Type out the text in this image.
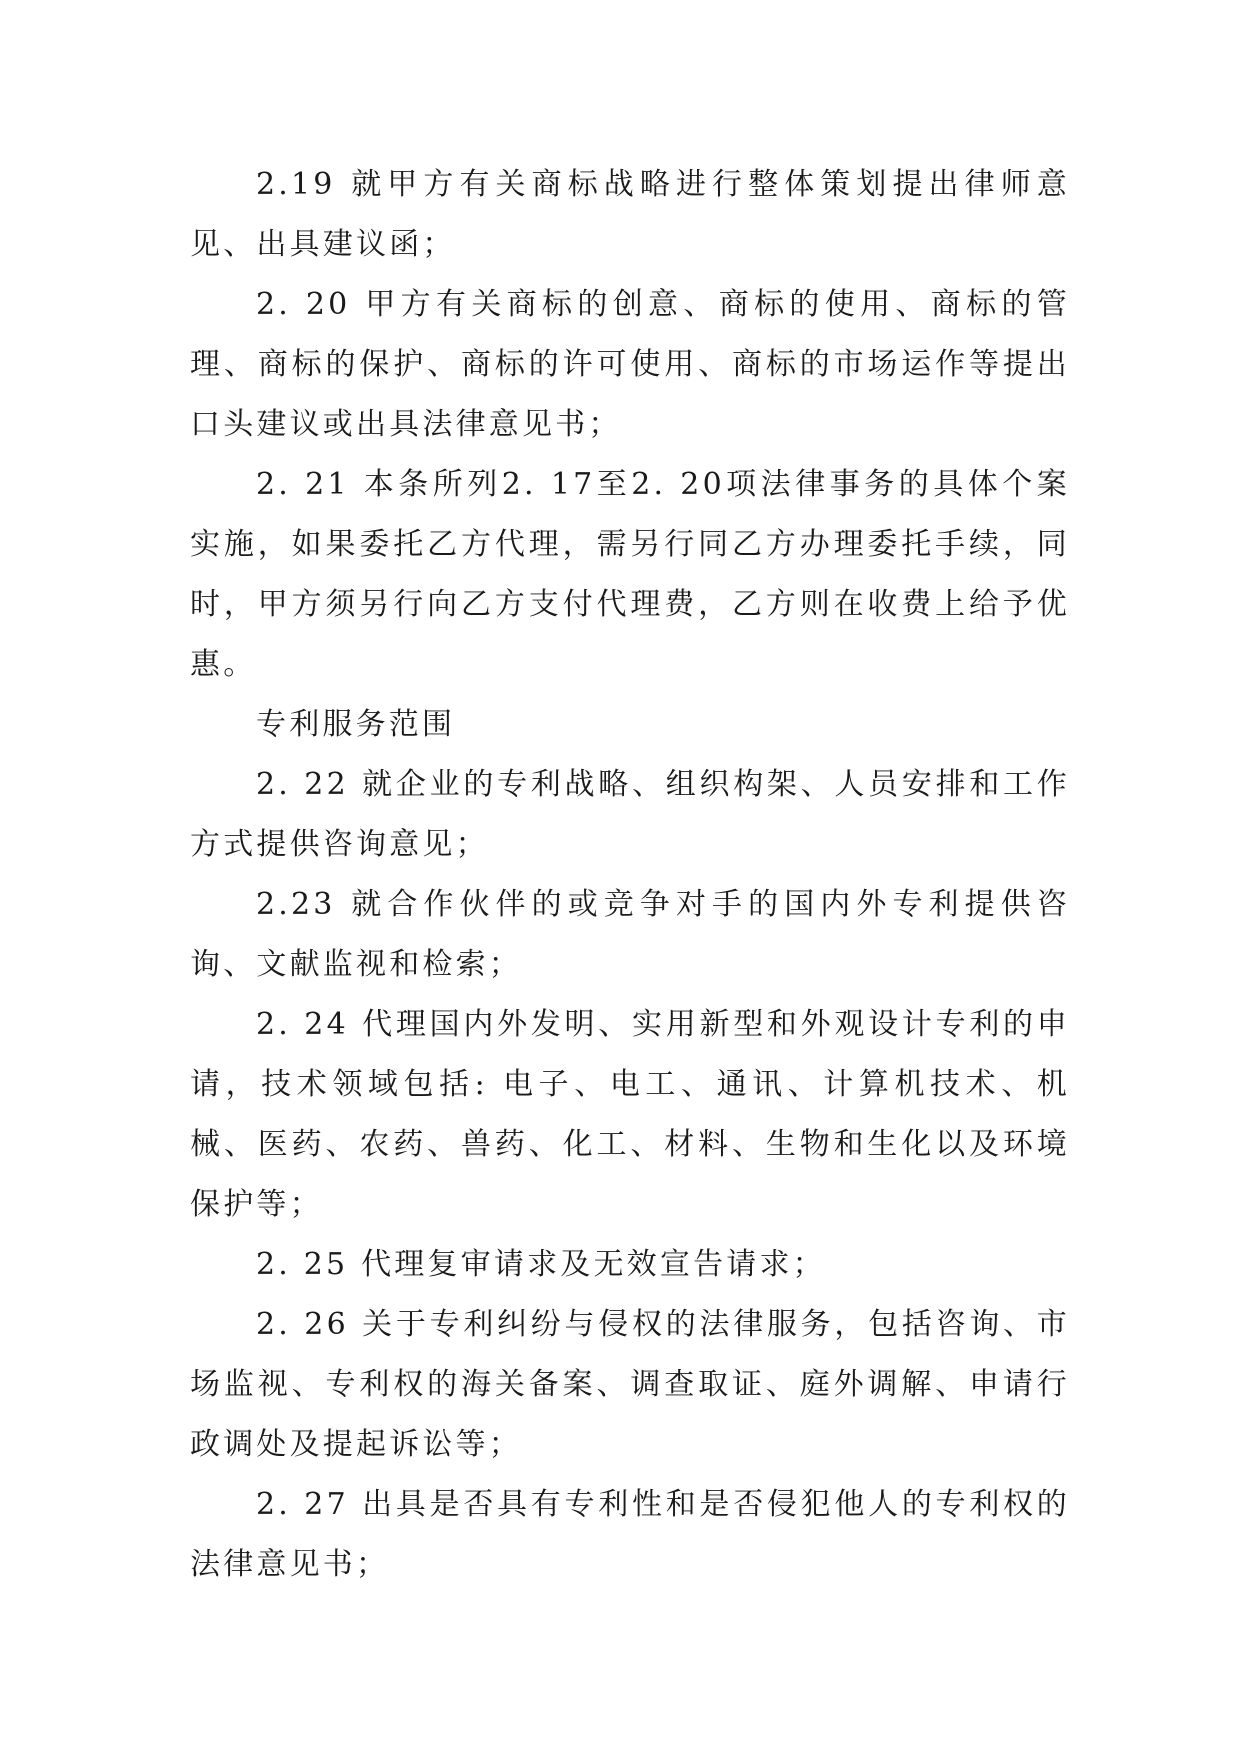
2.19 就甲方有关商标战略进行整体策划提出律师意见、出具建议函；

2. 20 甲方有关商标的创意、商标的使用、商标的管理、商标的保护、商标的许可使用、商标的市场运作等提出口头建议或出具法律意见书；

2. 21 本条所列2. 17至2. 20项法律事务的具体个案实施，如果委托乙方代理，需另行同乙方办理委托手续，同时，甲方须另行向乙方支付代理费，乙方则在收费上给予优惠。

专利服务范围

2. 22 就企业的专利战略、组织构架、人员安排和工作方式提供咨询意见；

2.23 就合作伙伴的或竞争对手的国内外专利提供咨询、文献监视和检索；

2. 24 代理国内外发明、实用新型和外观设计专利的申请，技术领域包括: 电子、电工、通讯、计算机技术、机械、医药、农药、兽药、化工、材料、生物和生化以及环境保护等；

2. 25 代理复审请求及无效宣告请求；

2. 26 关于专利纠纷与侵权的法律服务，包括咨询、市场监视、专利权的海关备案、调查取证、庭外调解、申请行政调处及提起诉讼等；

2. 27 出具是否具有专利性和是否侵犯他人的专利权的法律意见书；
